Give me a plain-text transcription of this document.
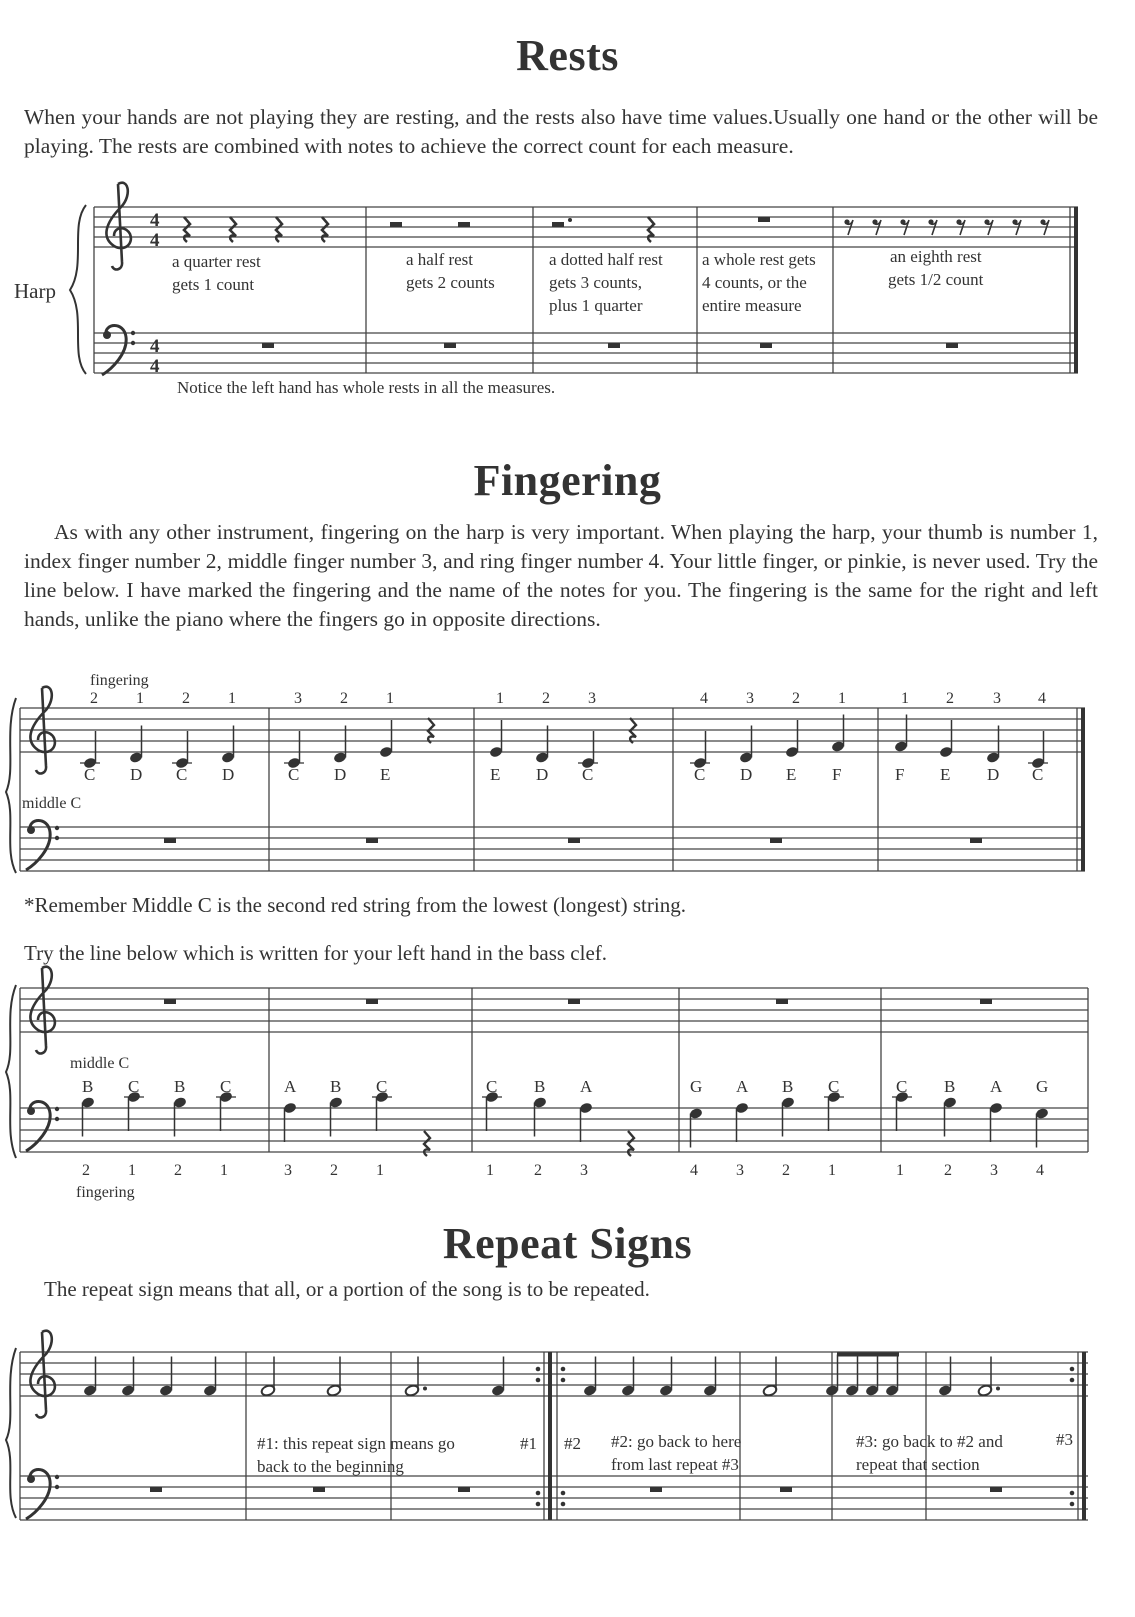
Rests
When your hands are not playing they are resting, and the rests also have time values.Usually one hand or the other will be playing. The rests are combined with notes to achieve the correct count for each measure.
4
4
4
4
a quarter rest
gets 1 count
a half rest
gets 2 counts
a dotted half rest
gets 3 counts,
plus 1 quarter
a whole rest gets
4 counts, or the
entire measure
an eighth rest
gets 1/2 count
C
2
D
1
C
2
D
1
C
3
D
2
E
1
E
1
D
2
C
3
C
4
D
3
E
2
F
1
F
1
E
2
D
3
C
4
B
2
C
1
B
2
C
1
A
3
B
2
C
1
C
1
B
2
A
3
G
4
A
3
B
2
C
1
C
1
B
2
A
3
G
4
#1: this repeat sign means go
back to the beginning
#1 #2 #2: go back to here
from last repeat #3
#3: go back to #2 and
repeat that section
#3
fingering
middle C
middle C
fingering
Harp
Notice the left hand has whole rests in all the measures.
Fingering
As with any other instrument, fingering on the harp is very important. When playing the harp, your thumb is number 1, index finger number 2, middle finger number 3, and ring finger number 4. Your little finger, or pinkie, is never used. Try the line below. I have marked the fingering and the name of the notes for you. The fingering is the same for the right and left hands, unlike the piano where the fingers go in opposite directions.
*Remember Middle C is the second red string from the lowest (longest) string.
Try the line below which is written for your left hand in the bass clef.
Repeat Signs
The repeat sign means that all, or a portion of the song is to be repeated.
